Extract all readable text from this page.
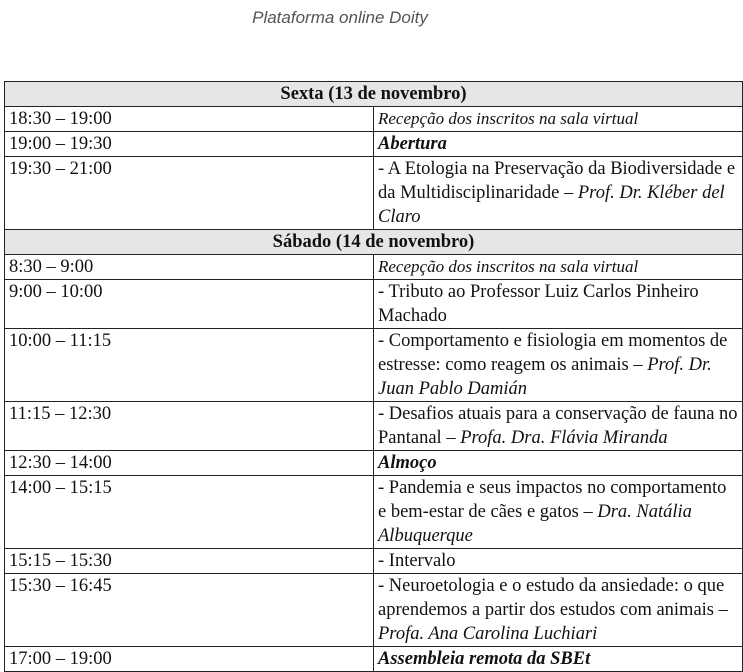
Plataforma online Doity
Sexta (13 de novembro)	
18:30 – 19:00	Recepção dos inscritos na sala virtual
19:00 – 19:30	Abertura
19:30 – 21:00	- A Etologia na Preservação da Biodiversidade e da Multidisciplinaridade – Prof. Dr. Kléber del Claro
Sábado (14 de novembro)	
8:30 – 9:00	Recepção dos inscritos na sala virtual
9:00 – 10:00	- Tributo ao Professor Luiz Carlos Pinheiro Machado
10:00 – 11:15	- Comportamento e fisiologia em momentos de estresse: como reagem os animais – Prof. Dr. Juan Pablo Damián
11:15 – 12:30	- Desafios atuais para a conservação de fauna no Pantanal – Profa. Dra. Flávia Miranda
12:30 – 14:00	Almoço
14:00 – 15:15	- Pandemia e seus impactos no comportamento e bem-estar de cães e gatos – Dra. Natália Albuquerque
15:15 – 15:30	- Intervalo
15:30 – 16:45	- Neuroetologia e o estudo da ansiedade: o que aprendemos a partir dos estudos com animais – Profa. Ana Carolina Luchiari
17:00 – 19:00	Assembleia remota da SBEt
